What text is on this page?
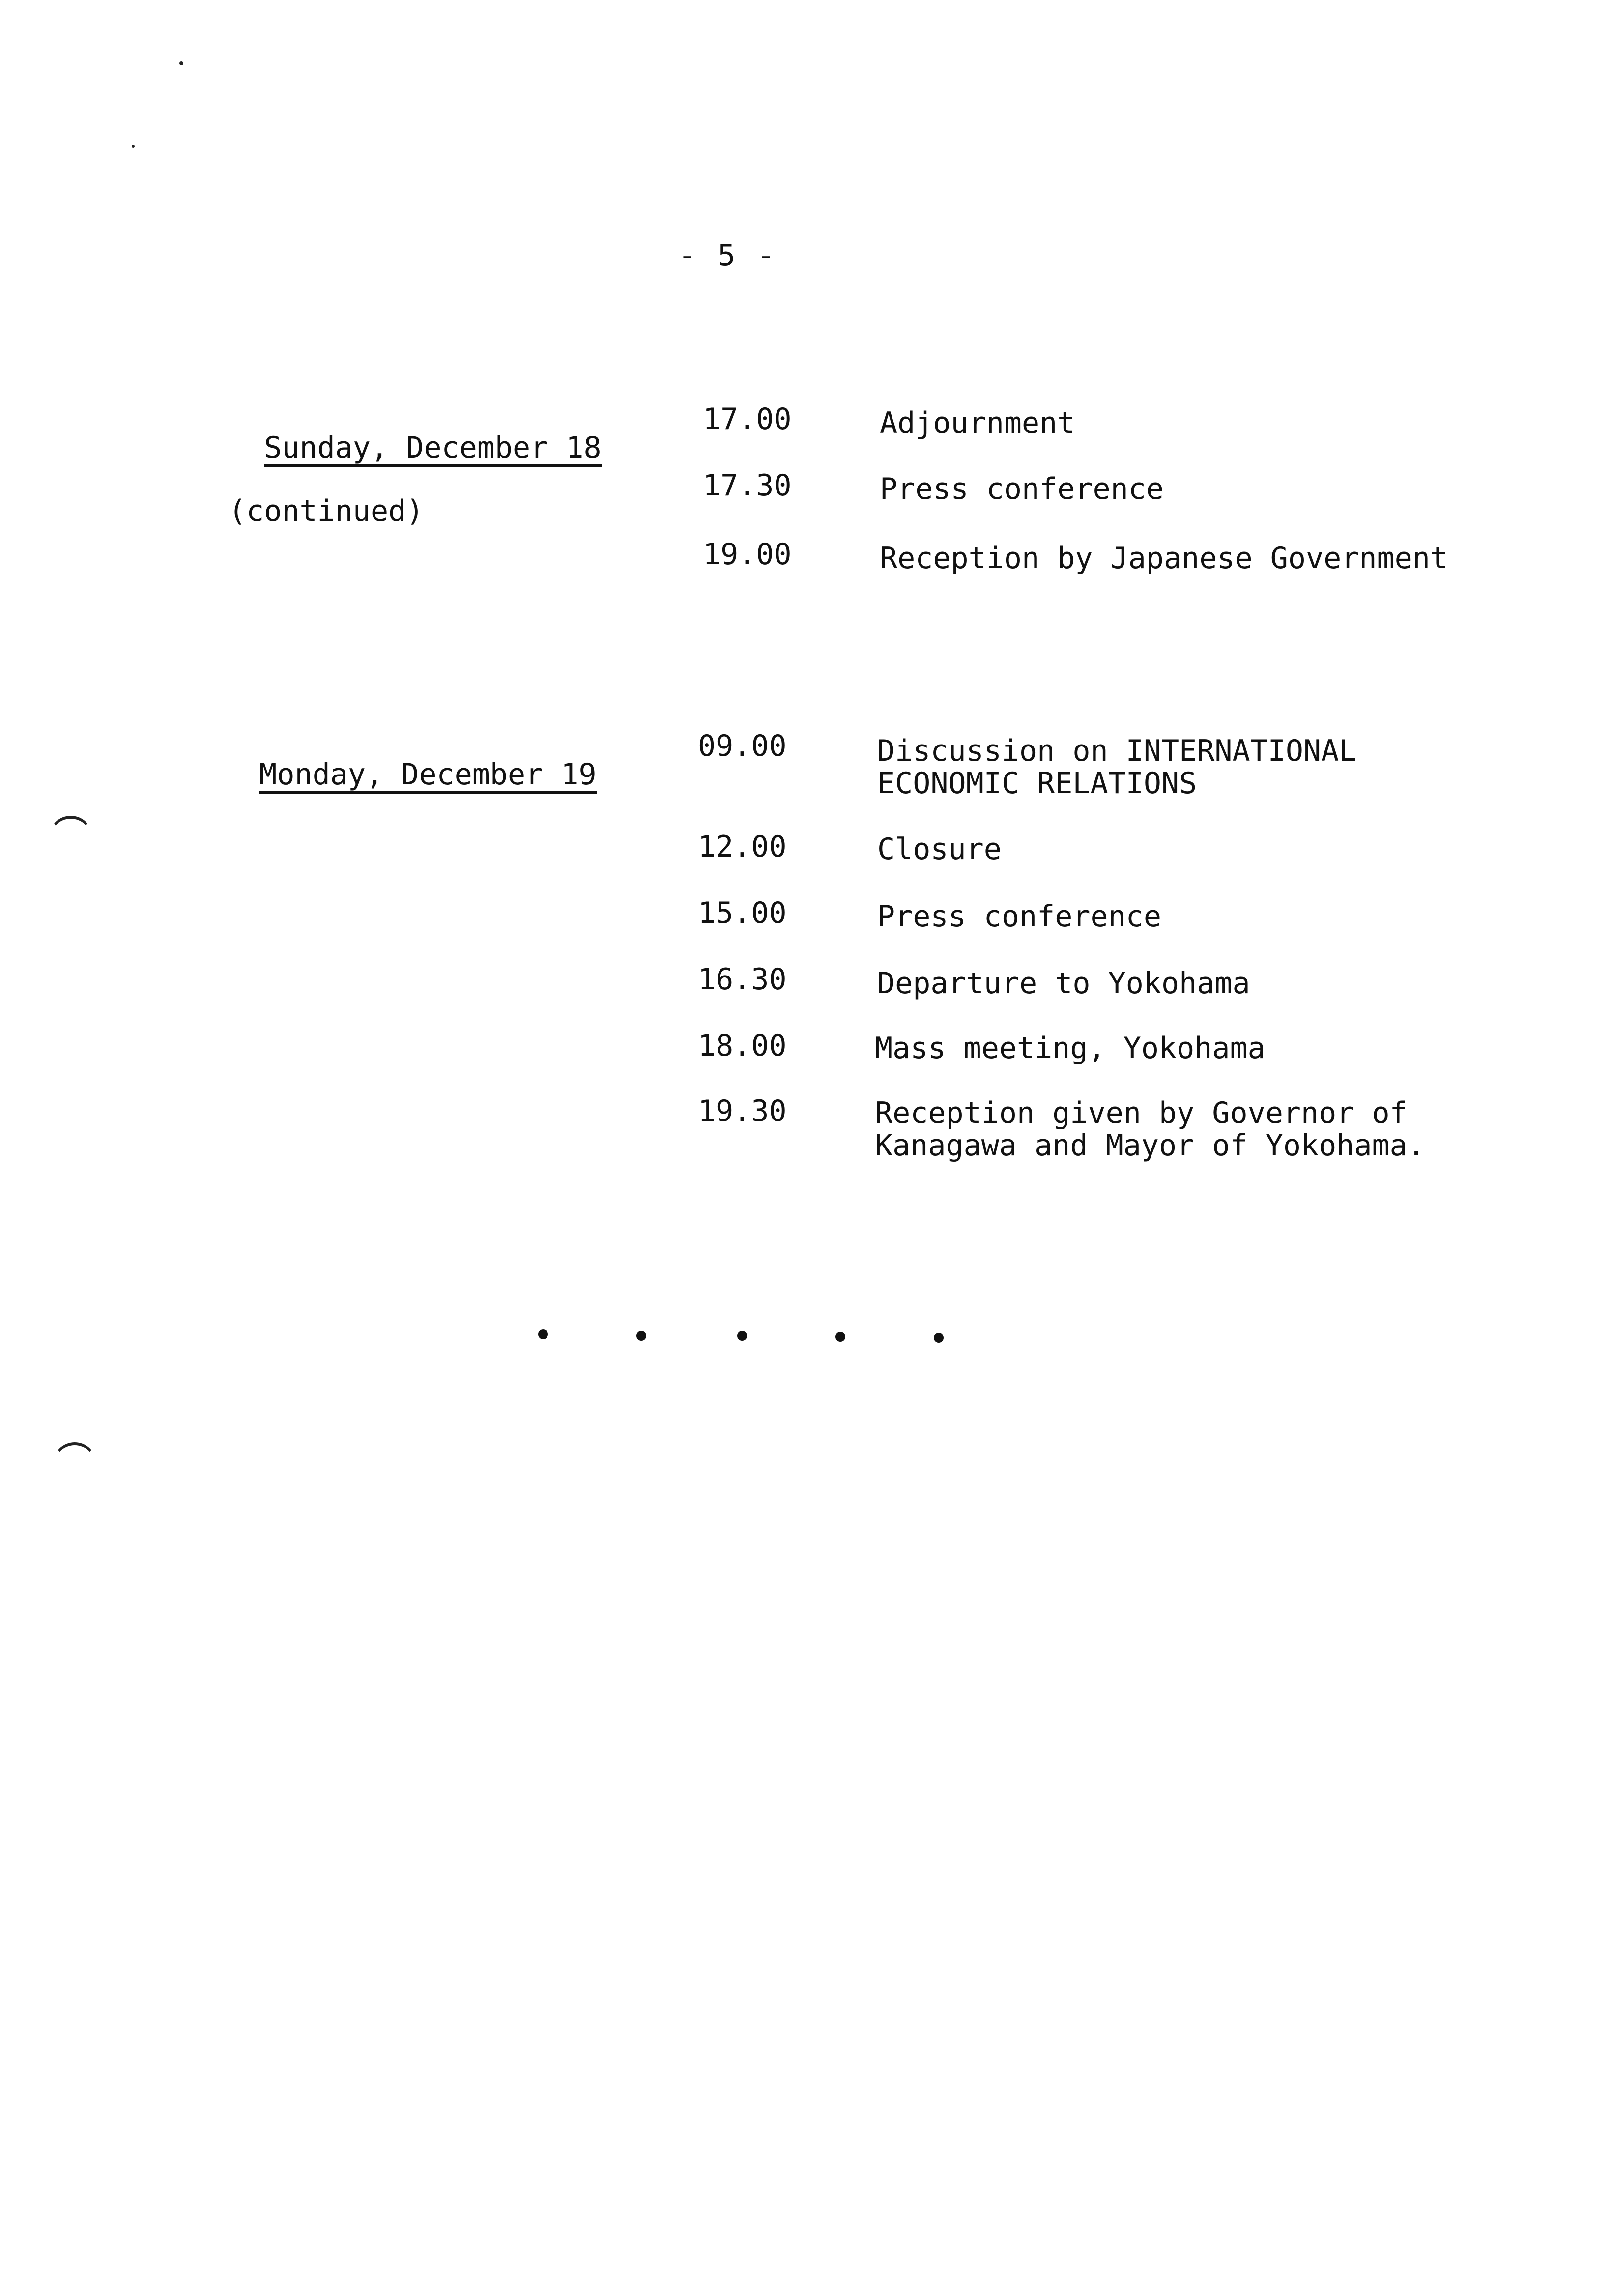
- 5 -

Sunday, December 18

(continued)

17.00	Adjournment
17.30	Press conference
19.00	Reception by Japanese Government

Monday, December 19

09.00	Discussion on INTERNATIONAL
ECONOMIC RELATIONS
12.00	Closure
15.00	Press conference
16.30	Departure to Yokohama
18.00	Mass meeting, Yokohama
19.30	Reception given by Governor of
Kanagawa and Mayor of Yokohama.
